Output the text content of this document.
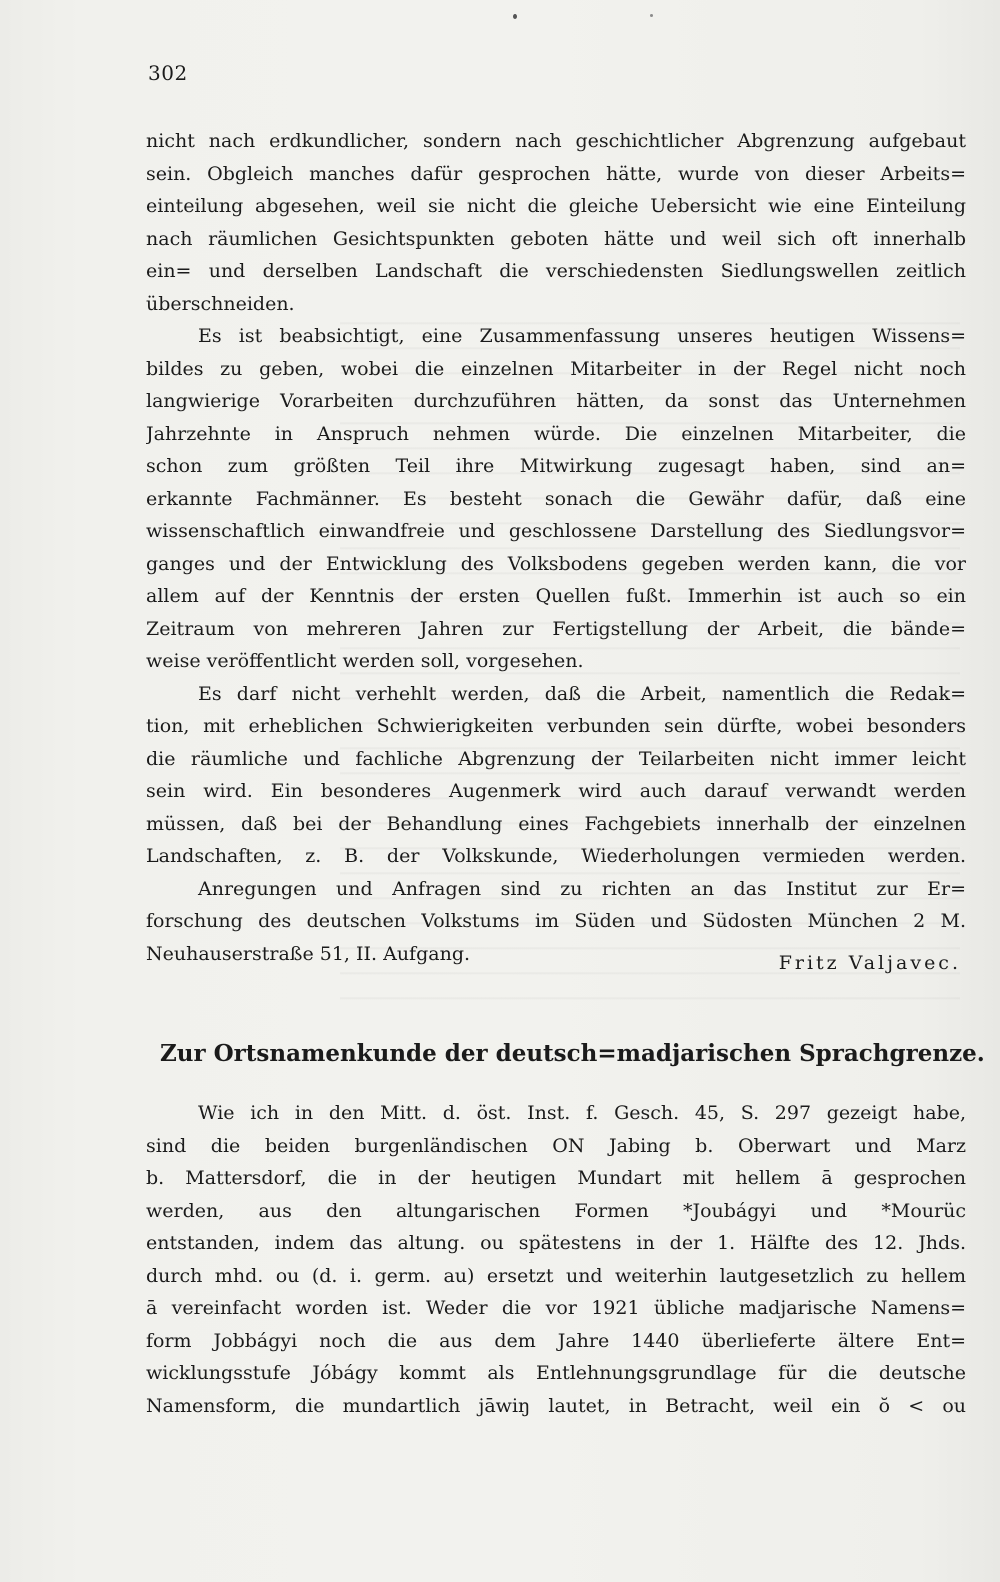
302
nicht nach erdkundlicher, sondern nach geschichtlicher Abgrenzung aufgebaut
sein. Obgleich manches dafür gesprochen hätte, wurde von dieser Arbeits=
einteilung abgesehen, weil sie nicht die gleiche Uebersicht wie eine Einteilung
nach räumlichen Gesichtspunkten geboten hätte und weil sich oft innerhalb
ein= und derselben Landschaft die verschiedensten Siedlungswellen zeitlich
überschneiden.
Es ist beabsichtigt, eine Zusammenfassung unseres heutigen Wissens=
bildes zu geben, wobei die einzelnen Mitarbeiter in der Regel nicht noch
langwierige Vorarbeiten durchzuführen hätten, da sonst das Unternehmen
Jahrzehnte in Anspruch nehmen würde. Die einzelnen Mitarbeiter, die
schon zum größten Teil ihre Mitwirkung zugesagt haben, sind an=
erkannte Fachmänner. Es besteht sonach die Gewähr dafür, daß eine
wissenschaftlich einwandfreie und geschlossene Darstellung des Siedlungsvor=
ganges und der Entwicklung des Volksbodens gegeben werden kann, die vor
allem auf der Kenntnis der ersten Quellen fußt. Immerhin ist auch so ein
Zeitraum von mehreren Jahren zur Fertigstellung der Arbeit, die bände=
weise veröffentlicht werden soll, vorgesehen.
Es darf nicht verhehlt werden, daß die Arbeit, namentlich die Redak=
tion, mit erheblichen Schwierigkeiten verbunden sein dürfte, wobei besonders
die räumliche und fachliche Abgrenzung der Teilarbeiten nicht immer leicht
sein wird. Ein besonderes Augenmerk wird auch darauf verwandt werden
müssen, daß bei der Behandlung eines Fachgebiets innerhalb der einzelnen
Landschaften, z. B. der Volkskunde, Wiederholungen vermieden werden.
Anregungen und Anfragen sind zu richten an das Institut zur Er=
forschung des deutschen Volkstums im Süden und Südosten München 2 M.
Neuhauserstraße 51, II. Aufgang.	Fritz Valjavec.
Zur Ortsnamenkunde der deutsch=madjarischen Sprachgrenze.
Wie ich in den Mitt. d. öst. Inst. f. Gesch. 45, S. 297 gezeigt habe,
sind die beiden burgenländischen ON Jabing b. Oberwart und Marz
b. Mattersdorf, die in der heutigen Mundart mit hellem ā gesprochen
werden, aus den altungarischen Formen *Joubágyi und *Mourüc
entstanden, indem das altung. ou spätestens in der 1. Hälfte des 12. Jhds.
durch mhd. ou (d. i. germ. au) ersetzt und weiterhin lautgesetzlich zu hellem
ā vereinfacht worden ist. Weder die vor 1921 übliche madjarische Namens=
form Jobbágyi noch die aus dem Jahre 1440 überlieferte ältere Ent=
wicklungsstufe Jóbágy kommt als Entlehnungsgrundlage für die deutsche
Namensform, die mundartlich jāwiŋ lautet, in Betracht, weil ein ŏ < ou
